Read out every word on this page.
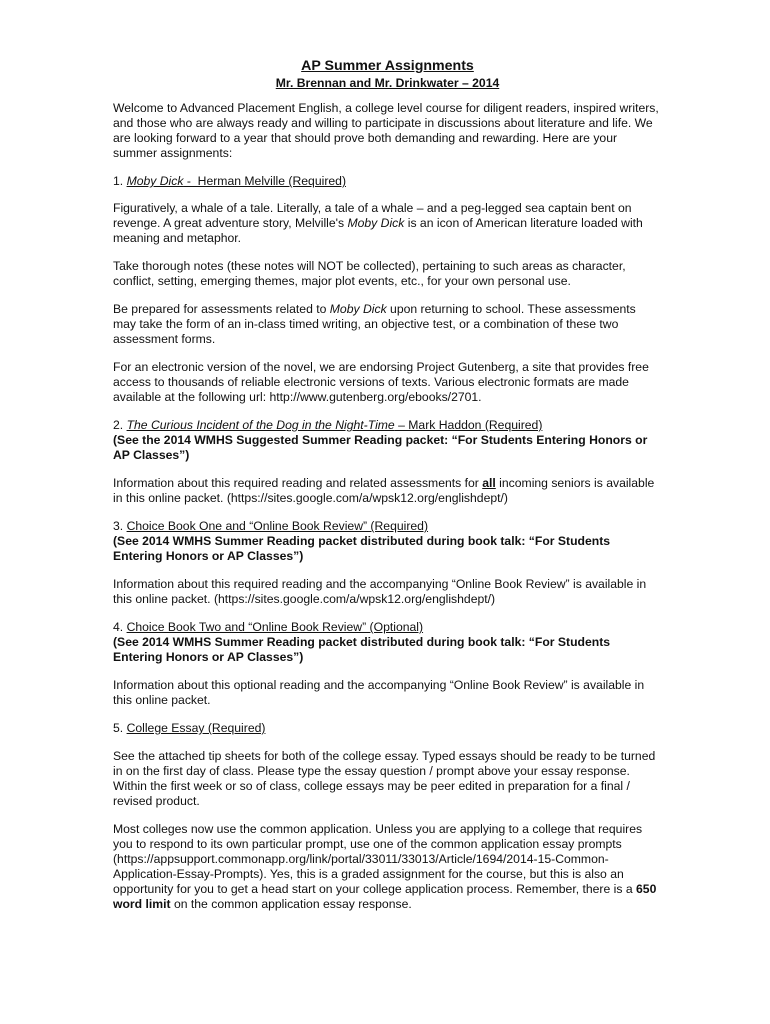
AP Summer Assignments
Mr. Brennan and Mr. Drinkwater – 2014

Welcome to Advanced Placement English, a college level course for diligent readers, inspired writers, and those who are always ready and willing to participate in discussions about literature and life. We are looking forward to a year that should prove both demanding and rewarding. Here are your summer assignments:

1. Moby Dick -  Herman Melville (Required)

Figuratively, a whale of a tale. Literally, a tale of a whale – and a peg-legged sea captain bent on revenge. A great adventure story, Melville's Moby Dick is an icon of American literature loaded with meaning and metaphor.

Take thorough notes (these notes will NOT be collected), pertaining to such areas as character, conflict, setting, emerging themes, major plot events, etc., for your own personal use.

Be prepared for assessments related to Moby Dick upon returning to school. These assessments may take the form of an in-class timed writing, an objective test, or a combination of these two assessment forms.

For an electronic version of the novel, we are endorsing Project Gutenberg, a site that provides free access to thousands of reliable electronic versions of texts. Various electronic formats are made available at the following url: http://www.gutenberg.org/ebooks/2701.

2. The Curious Incident of the Dog in the Night-Time – Mark Haddon (Required)

(See the 2014 WMHS Suggested Summer Reading packet: “For Students Entering Honors or AP Classes”)

Information about this required reading and related assessments for all incoming seniors is available in this online packet. (https://sites.google.com/a/wpsk12.org/englishdept/)

3. Choice Book One and “Online Book Review” (Required)

(See 2014 WMHS Summer Reading packet distributed during book talk: “For Students Entering Honors or AP Classes”)

Information about this required reading and the accompanying “Online Book Review” is available in this online packet. (https://sites.google.com/a/wpsk12.org/englishdept/)

4. Choice Book Two and “Online Book Review” (Optional)

(See 2014 WMHS Summer Reading packet distributed during book talk: “For Students Entering Honors or AP Classes”)

Information about this optional reading and the accompanying “Online Book Review” is available in this online packet.

5. College Essay (Required)

See the attached tip sheets for both of the college essay. Typed essays should be ready to be turned in on the first day of class. Please type the essay question / prompt above your essay response. Within the first week or so of class, college essays may be peer edited in preparation for a final / revised product.

Most colleges now use the common application. Unless you are applying to a college that requires you to respond to its own particular prompt, use one of the common application essay prompts (https://appsupport.commonapp.org/link/portal/33011/33013/Article/1694/2014-15-Common-Application-Essay-Prompts). Yes, this is a graded assignment for the course, but this is also an opportunity for you to get a head start on your college application process. Remember, there is a 650 word limit on the common application essay response.
